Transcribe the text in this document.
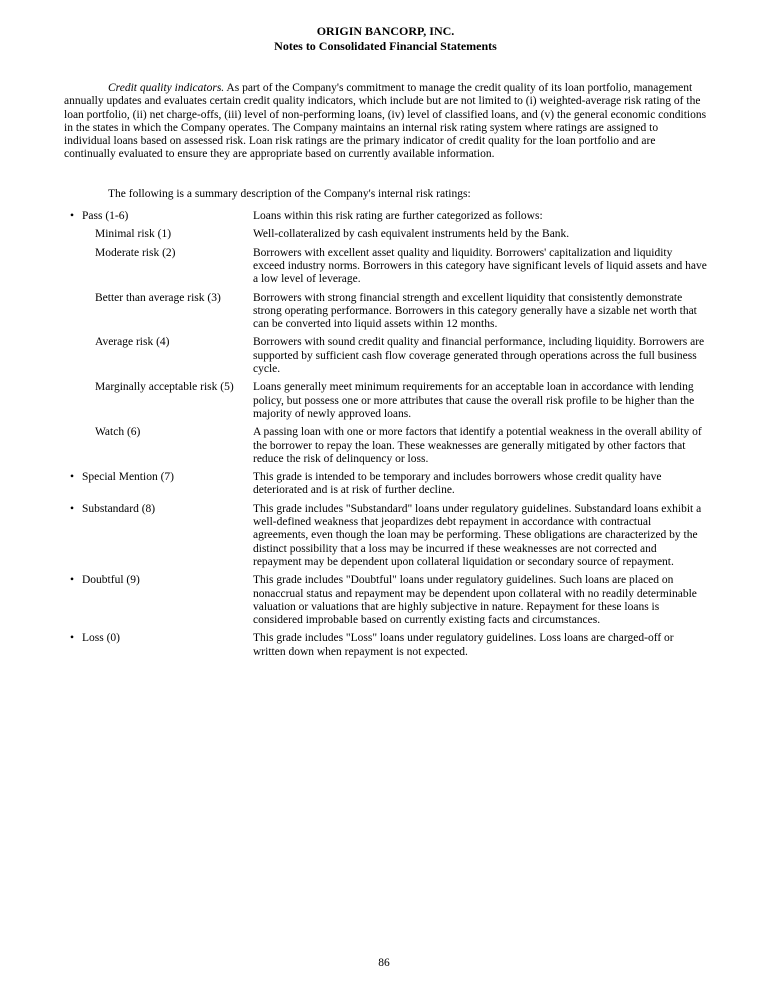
ORIGIN BANCORP, INC.
Notes to Consolidated Financial Statements

Credit quality indicators. As part of the Company's commitment to manage the credit quality of its loan portfolio, management annually updates and evaluates certain credit quality indicators, which include but are not limited to (i) weighted-average risk rating of the loan portfolio, (ii) net charge-offs, (iii) level of non-performing loans, (iv) level of classified loans, and (v) the general economic conditions in the states in which the Company operates. The Company maintains an internal risk rating system where ratings are assigned to individual loans based on assessed risk. Loan risk ratings are the primary indicator of credit quality for the loan portfolio and are continually evaluated to ensure they are appropriate based on currently available information.

The following is a summary description of the Company's internal risk ratings:

• Pass (1-6)	Loans within this risk rating are further categorized as follows:
Minimal risk (1)	Well-collateralized by cash equivalent instruments held by the Bank.
Moderate risk (2)	Borrowers with excellent asset quality and liquidity. Borrowers' capitalization and liquidity exceed industry norms. Borrowers in this category have significant levels of liquid assets and have a low level of leverage.
Better than average risk (3)	Borrowers with strong financial strength and excellent liquidity that consistently demonstrate strong operating performance. Borrowers in this category generally have a sizable net worth that can be converted into liquid assets within 12 months.
Average risk (4)	Borrowers with sound credit quality and financial performance, including liquidity. Borrowers are supported by sufficient cash flow coverage generated through operations across the full business cycle.
Marginally acceptable risk (5)	Loans generally meet minimum requirements for an acceptable loan in accordance with lending policy, but possess one or more attributes that cause the overall risk profile to be higher than the majority of newly approved loans.
Watch (6)	A passing loan with one or more factors that identify a potential weakness in the overall ability of the borrower to repay the loan. These weaknesses are generally mitigated by other factors that reduce the risk of delinquency or loss.
• Special Mention (7)	This grade is intended to be temporary and includes borrowers whose credit quality have deteriorated and is at risk of further decline.
• Substandard (8)	This grade includes "Substandard" loans under regulatory guidelines. Substandard loans exhibit a well-defined weakness that jeopardizes debt repayment in accordance with contractual agreements, even though the loan may be performing. These obligations are characterized by the distinct possibility that a loss may be incurred if these weaknesses are not corrected and repayment may be dependent upon collateral liquidation or secondary source of repayment.
• Doubtful (9)	This grade includes "Doubtful" loans under regulatory guidelines. Such loans are placed on nonaccrual status and repayment may be dependent upon collateral with no readily determinable valuation or valuations that are highly subjective in nature. Repayment for these loans is considered improbable based on currently existing facts and circumstances.
• Loss (0)	This grade includes "Loss" loans under regulatory guidelines. Loss loans are charged-off or written down when repayment is not expected.
86
